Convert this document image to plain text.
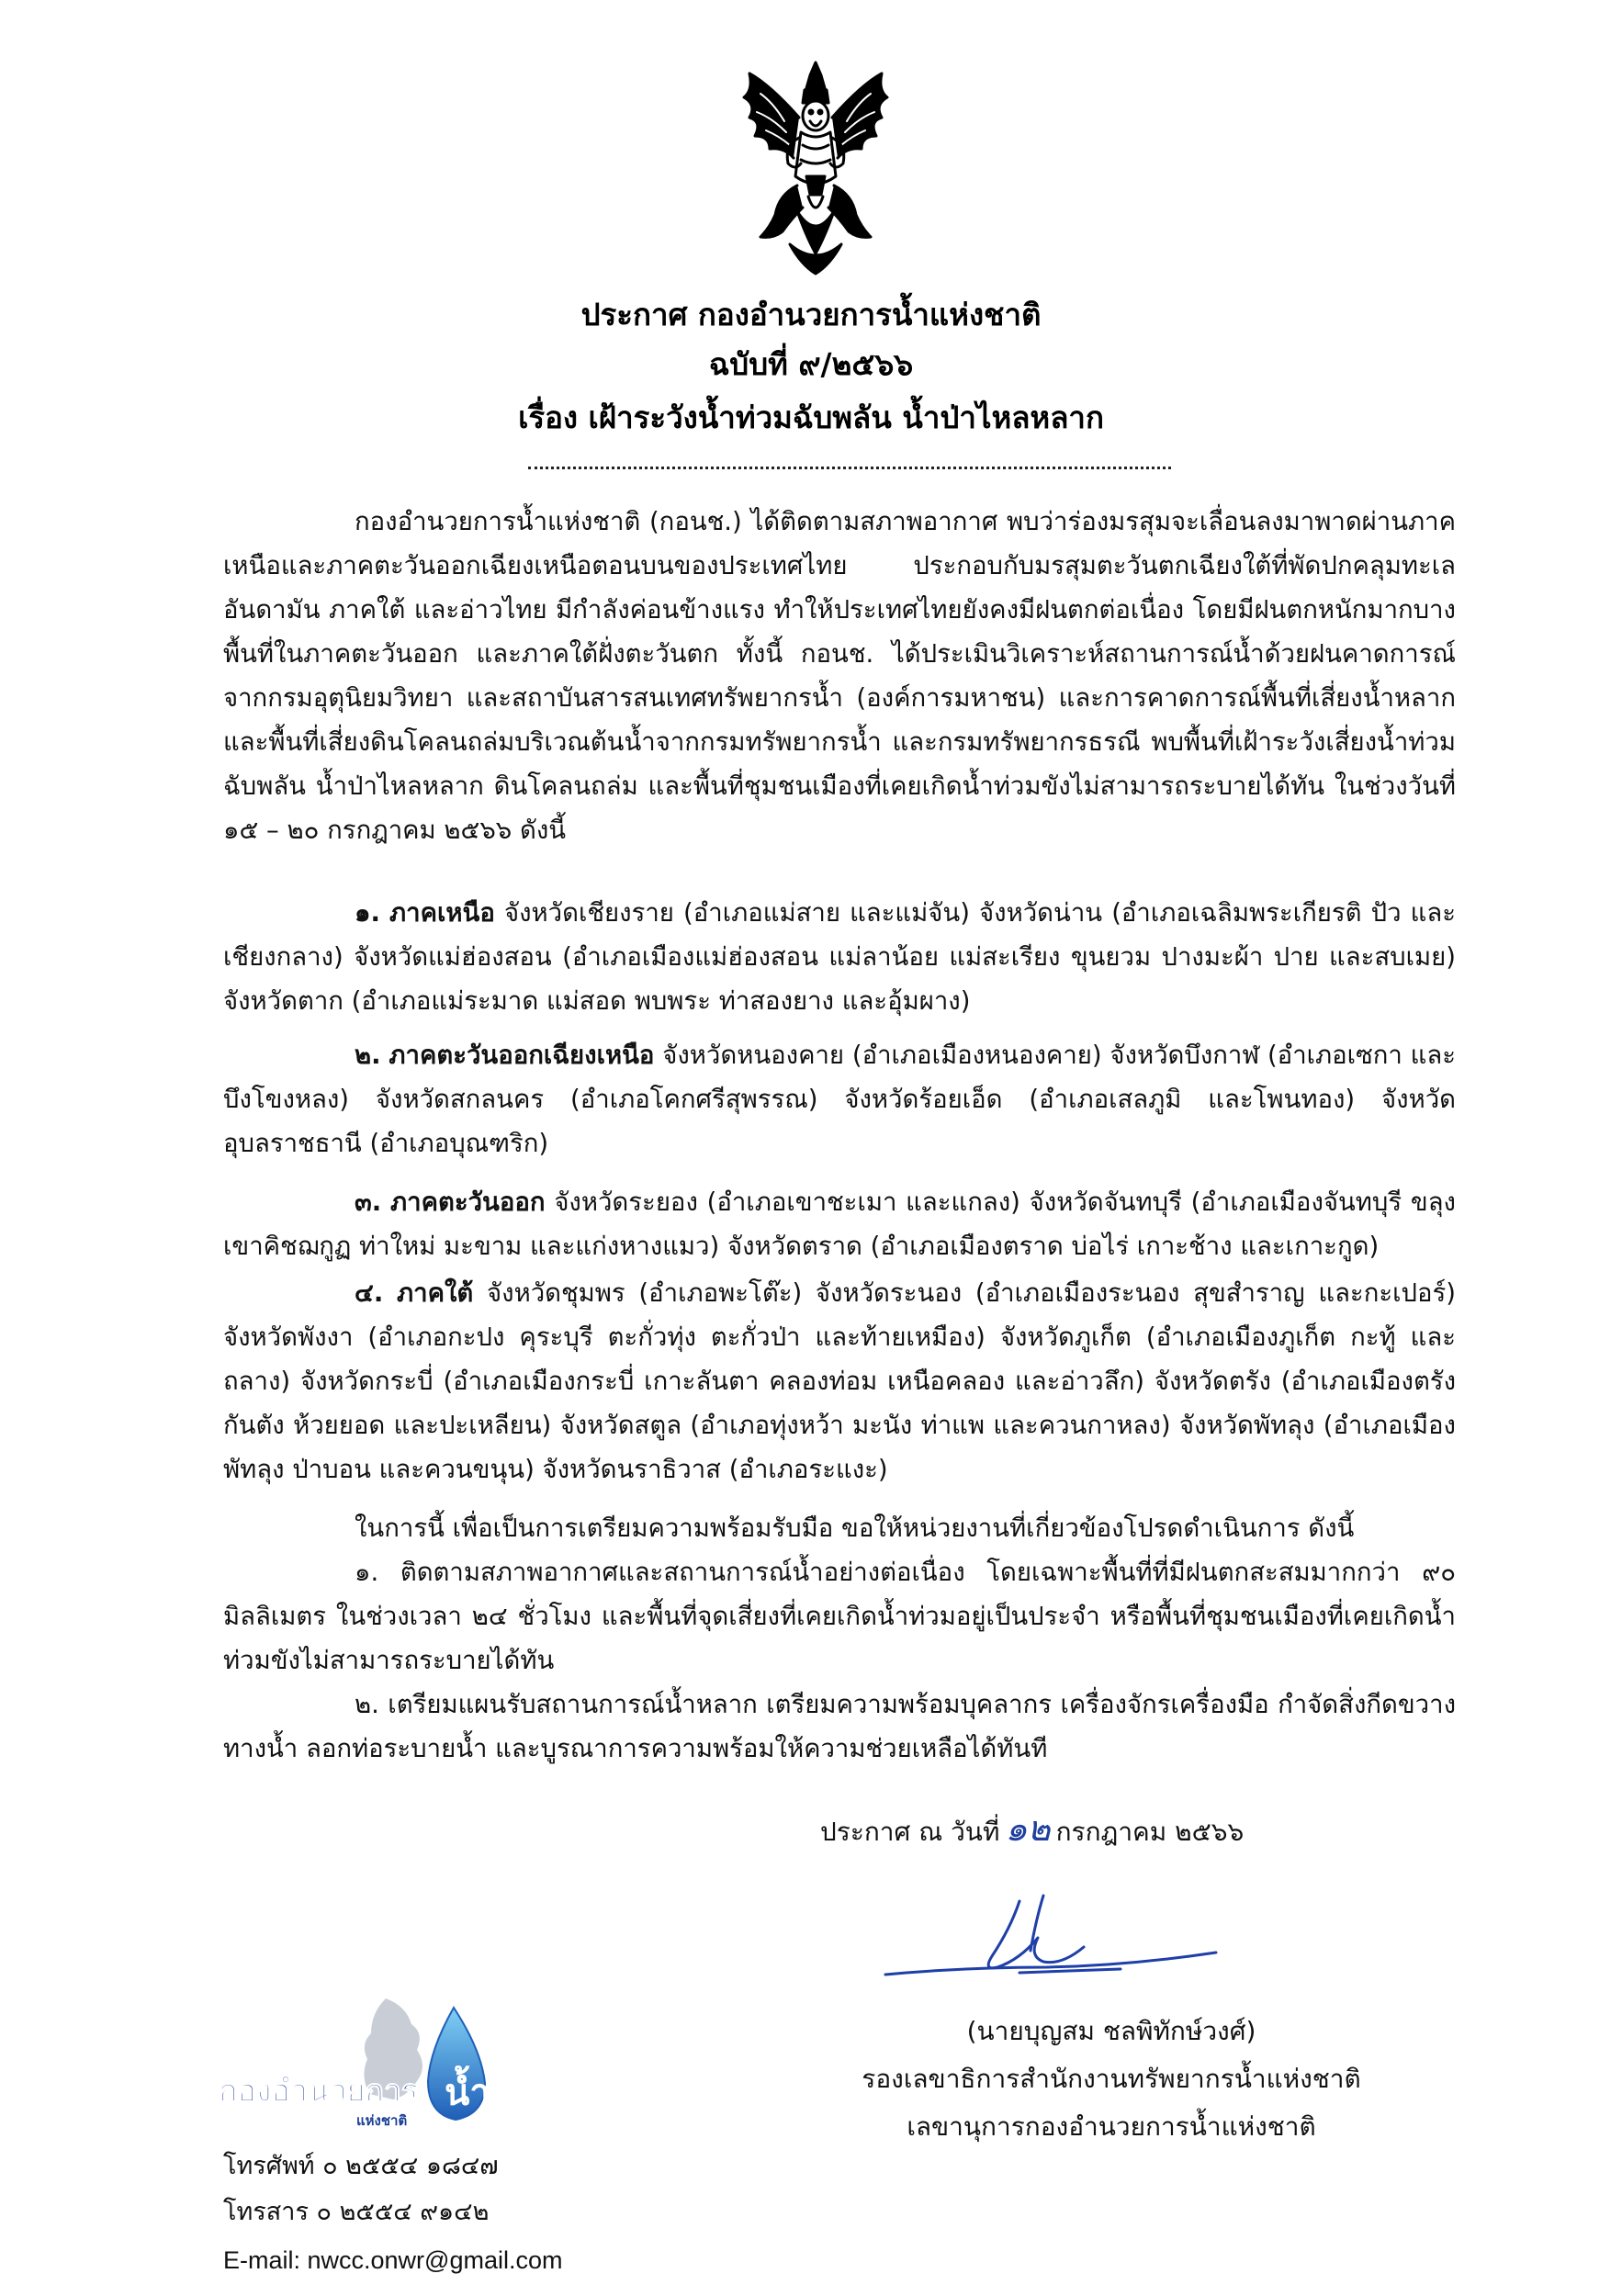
ประกาศ กองอำนวยการน้ำแห่งชาติ
ฉบับที่ ๙/๒๕๖๖
เรื่อง เฝ้าระวังน้ำท่วมฉับพลัน น้ำป่าไหลหลาก
กองอำนวยการน้ำแห่งชาติ (กอนช.) ได้ติดตามสภาพอากาศ พบว่าร่องมรสุมจะเลื่อนลงมาพาดผ่านภาคเหนือและภาคตะวันออกเฉียงเหนือตอนบนของประเทศไทย ประกอบกับมรสุมตะวันตกเฉียงใต้ที่พัดปกคลุมทะเลอันดามัน ภาคใต้ และอ่าวไทย มีกำลังค่อนข้างแรง ทำให้ประเทศไทยยังคงมีฝนตกต่อเนื่อง โดยมีฝนตกหนักมากบางพื้นที่ในภาคตะวันออก และภาคใต้ฝั่งตะวันตก ทั้งนี้ กอนช. ได้ประเมินวิเคราะห์สถานการณ์น้ำด้วยฝนคาดการณ์จากกรมอุตุนิยมวิทยา และสถาบันสารสนเทศทรัพยากรน้ำ (องค์การมหาชน) และการคาดการณ์พื้นที่เสี่ยงน้ำหลาก และพื้นที่เสี่ยงดินโคลนถล่มบริเวณต้นน้ำจากกรมทรัพยากรน้ำ และกรมทรัพยากรธรณี พบพื้นที่เฝ้าระวังเสี่ยงน้ำท่วมฉับพลัน น้ำป่าไหลหลาก ดินโคลนถล่ม และพื้นที่ชุมชนเมืองที่เคยเกิดน้ำท่วมขังไม่สามารถระบายได้ทัน ในช่วงวันที่ ๑๕ – ๒๐ กรกฎาคม ๒๕๖๖ ดังนี้
๑. ภาคเหนือ จังหวัดเชียงราย (อำเภอแม่สาย และแม่จัน) จังหวัดน่าน (อำเภอเฉลิมพระเกียรติ ปัว และเชียงกลาง) จังหวัดแม่ฮ่องสอน (อำเภอเมืองแม่ฮ่องสอน แม่ลาน้อย แม่สะเรียง ขุนยวม ปางมะผ้า ปาย และสบเมย) จังหวัดตาก (อำเภอแม่ระมาด แม่สอด พบพระ ท่าสองยาง และอุ้มผาง)
๒. ภาคตะวันออกเฉียงเหนือ จังหวัดหนองคาย (อำเภอเมืองหนองคาย) จังหวัดบึงกาฬ (อำเภอเซกา และบึงโขงหลง) จังหวัดสกลนคร (อำเภอโคกศรีสุพรรณ) จังหวัดร้อยเอ็ด (อำเภอเสลภูมิ และโพนทอง) จังหวัดอุบลราชธานี (อำเภอบุณฑริก)
๓. ภาคตะวันออก จังหวัดระยอง (อำเภอเขาชะเมา และแกลง) จังหวัดจันทบุรี (อำเภอเมืองจันทบุรี ขลุง เขาคิชฌกูฏ ท่าใหม่ มะขาม และแก่งหางแมว) จังหวัดตราด (อำเภอเมืองตราด บ่อไร่ เกาะช้าง และเกาะกูด)
๔. ภาคใต้ จังหวัดชุมพร (อำเภอพะโต๊ะ) จังหวัดระนอง (อำเภอเมืองระนอง สุขสำราญ และกะเปอร์) จังหวัดพังงา (อำเภอกะปง คุระบุรี ตะกั่วทุ่ง ตะกั่วป่า และท้ายเหมือง) จังหวัดภูเก็ต (อำเภอเมืองภูเก็ต กะทู้ และถลาง) จังหวัดกระบี่ (อำเภอเมืองกระบี่ เกาะลันตา คลองท่อม เหนือคลอง และอ่าวลึก) จังหวัดตรัง (อำเภอเมืองตรัง กันตัง ห้วยยอด และปะเหลียน) จังหวัดสตูล (อำเภอทุ่งหว้า มะนัง ท่าแพ และควนกาหลง) จังหวัดพัทลุง (อำเภอเมืองพัทลุง ป่าบอน และควนขนุน) จังหวัดนราธิวาส (อำเภอระแงะ)
ในการนี้ เพื่อเป็นการเตรียมความพร้อมรับมือ ขอให้หน่วยงานที่เกี่ยวข้องโปรดดำเนินการ ดังนี้
๑. ติดตามสภาพอากาศและสถานการณ์น้ำอย่างต่อเนื่อง โดยเฉพาะพื้นที่ที่มีฝนตกสะสมมากกว่า ๙๐ มิลลิเมตร ในช่วงเวลา ๒๔ ชั่วโมง และพื้นที่จุดเสี่ยงที่เคยเกิดน้ำท่วมอยู่เป็นประจำ หรือพื้นที่ชุมชนเมืองที่เคยเกิดน้ำท่วมขังไม่สามารถระบายได้ทัน
๒. เตรียมแผนรับสถานการณ์น้ำหลาก เตรียมความพร้อมบุคลากร เครื่องจักรเครื่องมือ กำจัดสิ่งกีดขวางทางน้ำ ลอกท่อระบายน้ำ และบูรณาการความพร้อมให้ความช่วยเหลือได้ทันที
ประกาศ ณ วันที่ ๑๒ กรกฎาคม ๒๕๖๖
(นายบุญสม ชลพิทักษ์วงศ์)
รองเลขาธิการสำนักงานทรัพยากรน้ำแห่งชาติ
เลขานุการกองอำนวยการน้ำแห่งชาติ
น้ำ
กองอำนวยการ
แห่งชาติ
โทรศัพท์ ๐ ๒๕๕๔ ๑๘๔๗
โทรสาร ๐ ๒๕๕๔ ๙๑๔๒
E-mail: nwcc.onwr@gmail.com
